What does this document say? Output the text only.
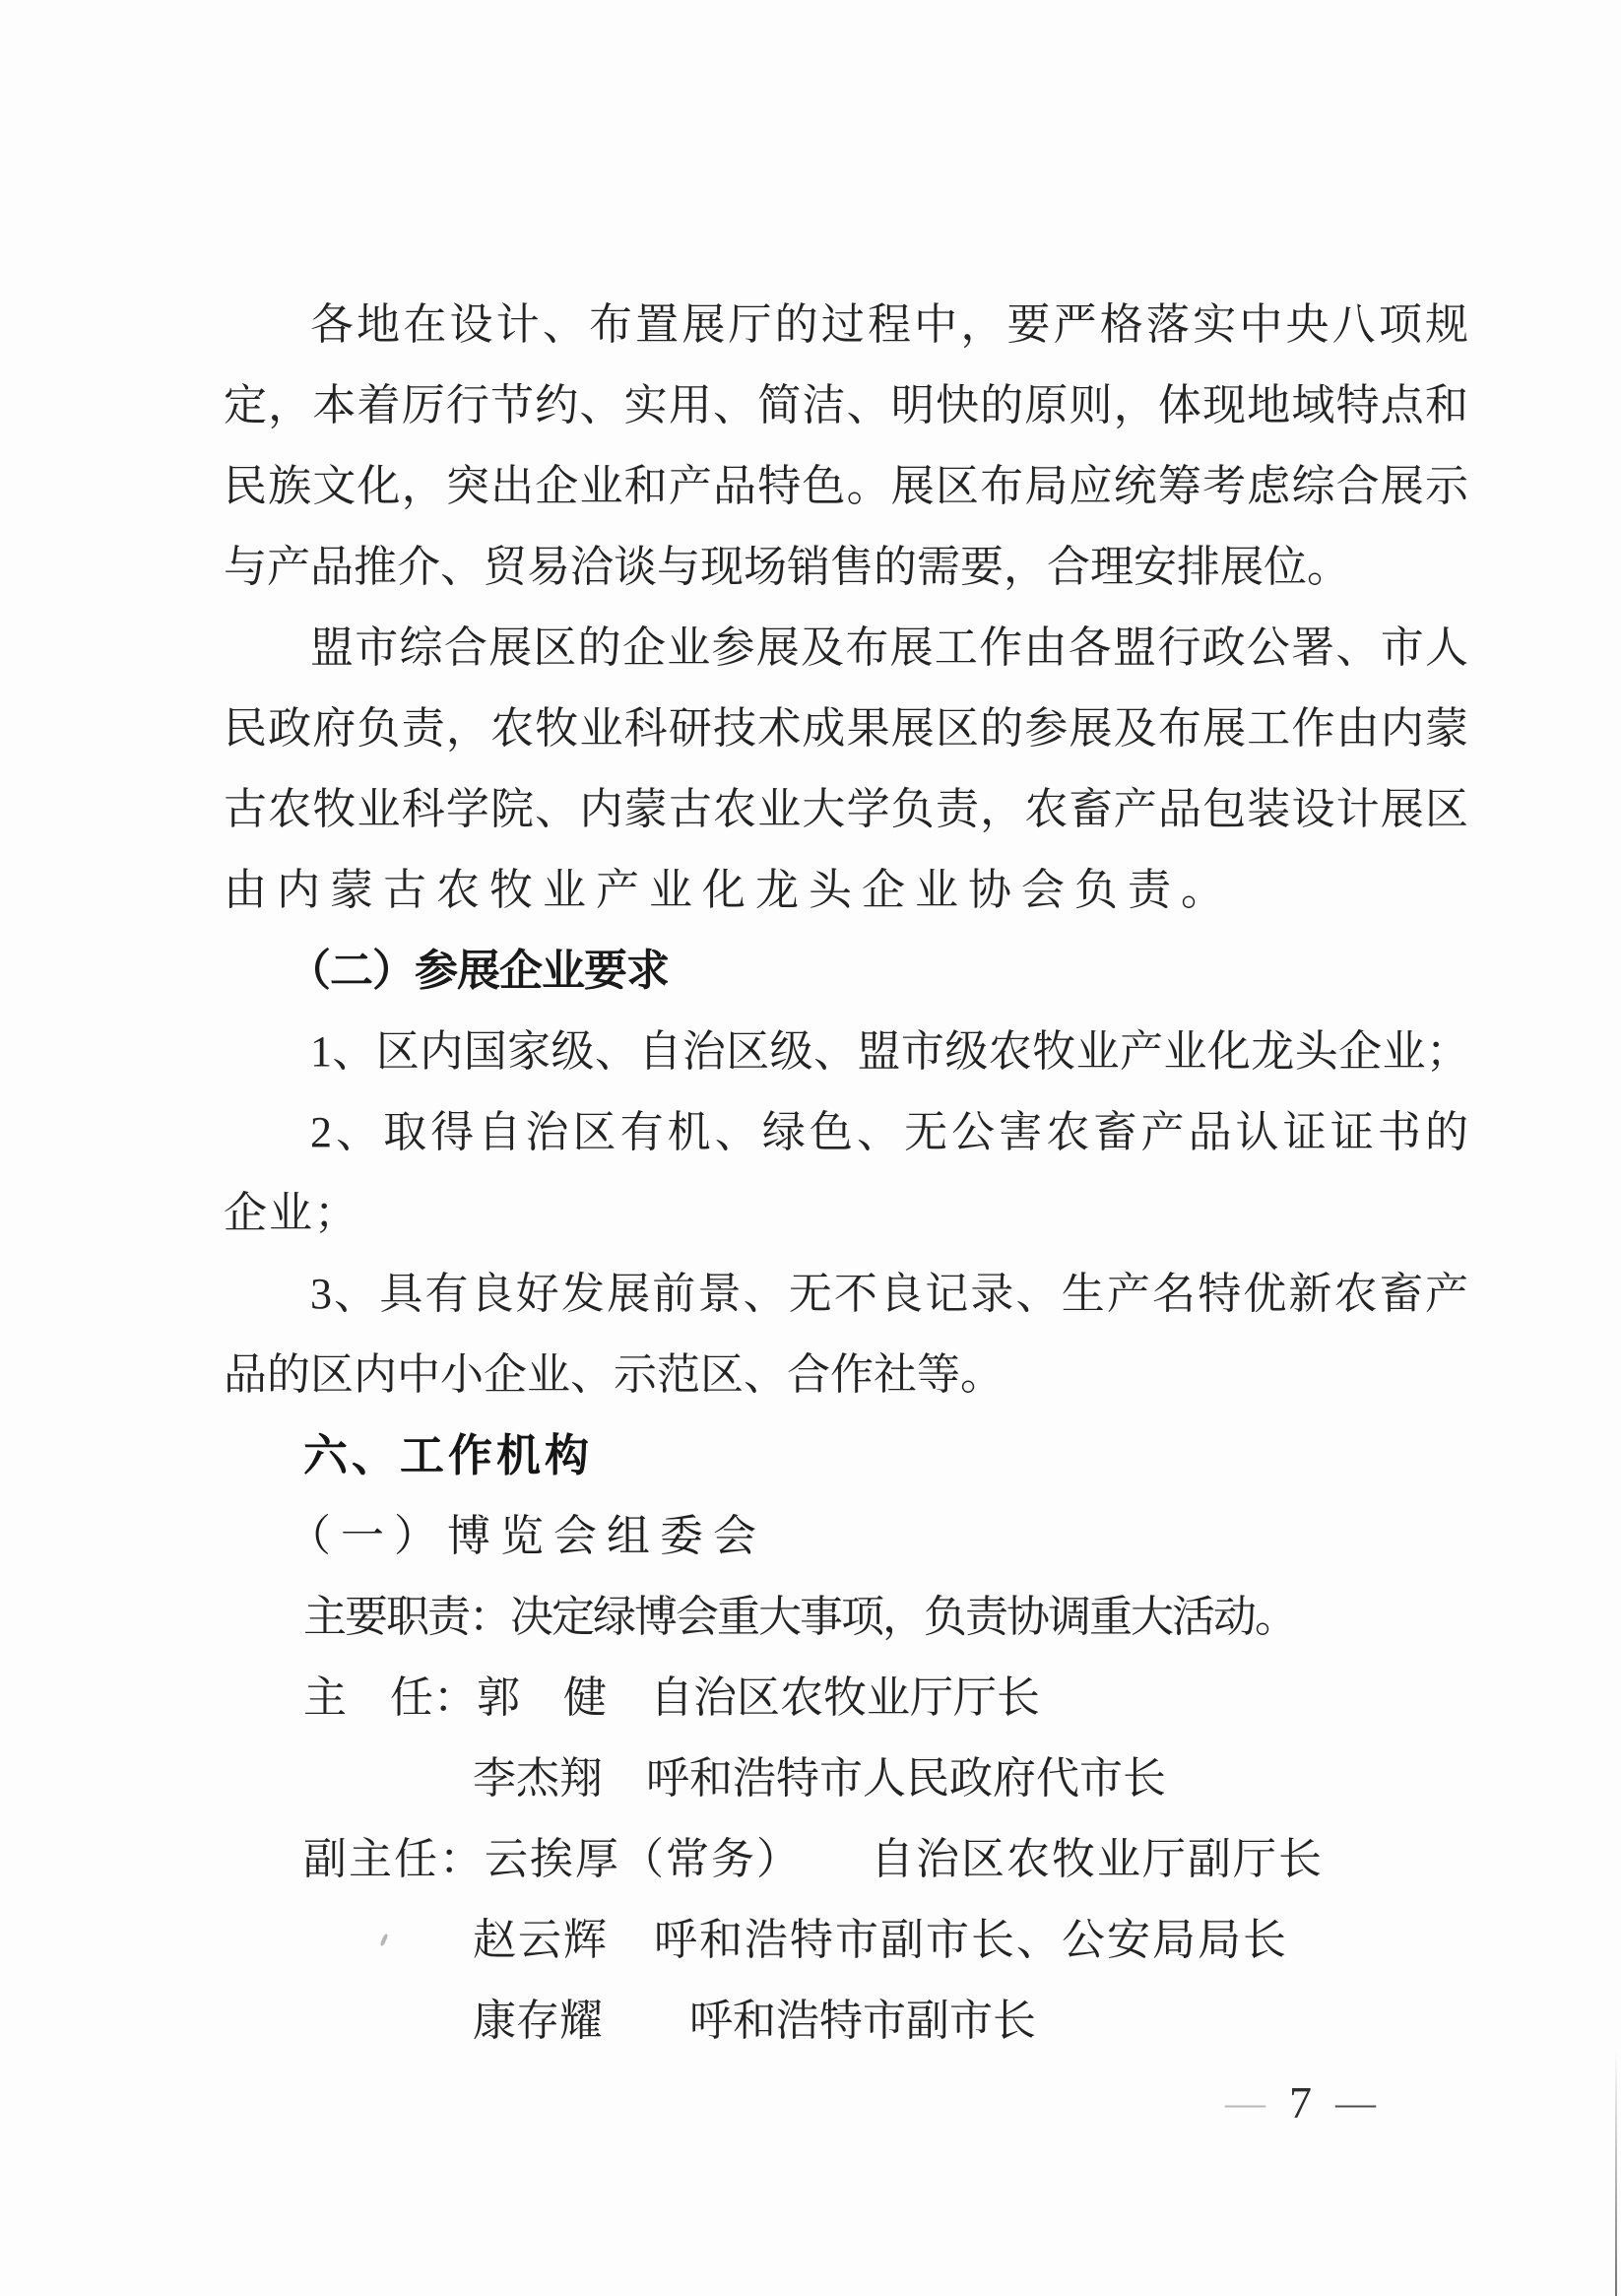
各地在设计、布置展厅的过程中，要严格落实中央八项规
定，本着厉行节约、实用、简洁、明快的原则，体现地域特点和
民族文化，突出企业和产品特色。展区布局应统筹考虑综合展示
与产品推介、贸易洽谈与现场销售的需要，合理安排展位。
盟市综合展区的企业参展及布展工作由各盟行政公署、市人
民政府负责，农牧业科研技术成果展区的参展及布展工作由内蒙
古农牧业科学院、内蒙古农业大学负责，农畜产品包装设计展区
由内蒙古农牧业产业化龙头企业协会负责。
（二）参展企业要求
1、区内国家级、自治区级、盟市级农牧业产业化龙头企业；
2、取得自治区有机、绿色、无公害农畜产品认证证书的
企业；
3、具有良好发展前景、无不良记录、生产名特优新农畜产
品的区内中小企业、示范区、合作社等。
六、工作机构
（一）博览会组委会
主要职责：决定绿博会重大事项，负责协调重大活动。
主　任：郭　健　自治区农牧业厅厅长
李杰翔　呼和浩特市人民政府代市长
副主任：云挨厚（常务）　　自治区农牧业厅副厅长
赵云辉　呼和浩特市副市长、公安局局长
康存耀　　呼和浩特市副市长
— 7 —
